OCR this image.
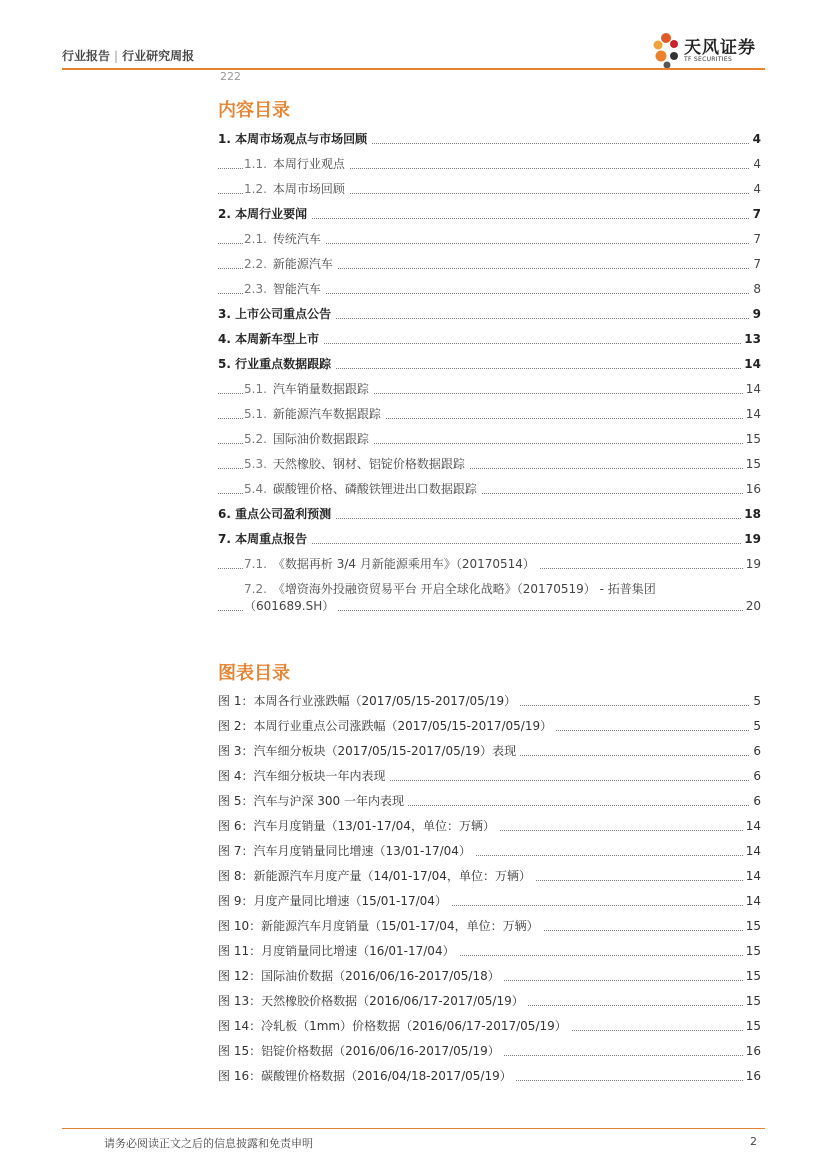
行业报告 | 行业研究周报	天风证券
TF SECURITIES
222
内容目录
1. 本周市场观点与市场回顾	4
1.1. 本周行业观点	4
1.2. 本周市场回顾	4
2. 本周行业要闻	7
2.1. 传统汽车	7
2.2. 新能源汽车	7
2.3. 智能汽车	8
3. 上市公司重点公告	9
4. 本周新车型上市	13
5. 行业重点数据跟踪	14
5.1. 汽车销量数据跟踪	14
5.1. 新能源汽车数据跟踪	14
5.2. 国际油价数据跟踪	15
5.3. 天然橡胶、钢材、铝锭价格数据跟踪	15
5.4. 碳酸锂价格、磷酸铁锂进出口数据跟踪	16
6. 重点公司盈利预测	18
7. 本周重点报告	19
7.1. 《数据再析 3/4 月新能源乘用车》（20170514）	19
7.2. 《增资海外投融资贸易平台 开启全球化战略》（20170519） - 拓普集团
（601689.SH）	20
图表目录
图 1：本周各行业涨跌幅（2017/05/15-2017/05/19）	5
图 2：本周行业重点公司涨跌幅（2017/05/15-2017/05/19）	5
图 3：汽车细分板块（2017/05/15-2017/05/19）表现	6
图 4：汽车细分板块一年内表现	6
图 5：汽车与沪深 300 一年内表现	6
图 6：汽车月度销量（13/01-17/04，单位：万辆）	14
图 7：汽车月度销量同比增速（13/01-17/04）	14
图 8：新能源汽车月度产量（14/01-17/04，单位：万辆）	14
图 9：月度产量同比增速（15/01-17/04）	14
图 10：新能源汽车月度销量（15/01-17/04，单位：万辆）	15
图 11：月度销量同比增速（16/01-17/04）	15
图 12：国际油价数据（2016/06/16-2017/05/18）	15
图 13：天然橡胶价格数据（2016/06/17-2017/05/19）	15
图 14：冷轧板（1mm）价格数据（2016/06/17-2017/05/19）	15
图 15：铝锭价格数据（2016/06/16-2017/05/19）	16
图 16：碳酸锂价格数据（2016/04/18-2017/05/19）	16
请务必阅读正文之后的信息披露和免责申明	2
